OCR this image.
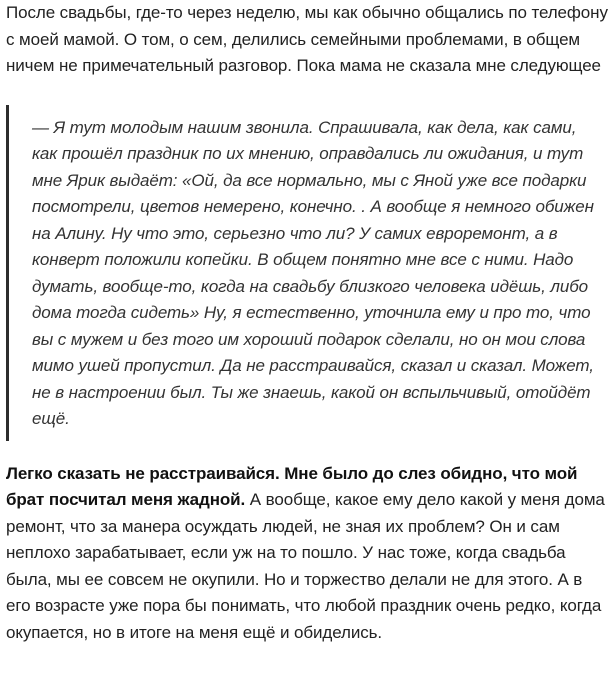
После свадьбы, где-то через неделю, мы как обычно общались по телефону с моей мамой. О том, о сем, делились семейными проблемами, в общем ничем не примечательный разговор. Пока мама не сказала мне следующее

— Я тут молодым нашим звонила. Спрашивала, как дела, как сами, как прошёл праздник по их мнению, оправдались ли ожидания, и тут мне Ярик выдаёт: «Ой, да все нормально, мы с Яной уже все подарки посмотрели, цветов немерено, конечно. . А вообще я немного обижен на Алину. Ну что это, серьезно что ли? У самих евроремонт, а в конверт положили копейки. В общем понятно мне все с ними. Надо думать, вообще-то, когда на свадьбу близкого человека идёшь, либо дома тогда сидеть» Ну, я естественно, уточнила ему и про то, что вы с мужем и без того им хороший подарок сделали, но он мои слова мимо ушей пропустил. Да не расстраивайся, сказал и сказал. Может, не в настроении был. Ты же знаешь, какой он вспыльчивый, отойдёт ещё.

Легко сказать не расстраивайся. Мне было до слез обидно, что мой брат посчитал меня жадной. А вообще, какое ему дело какой у меня дома ремонт, что за манера осуждать людей, не зная их проблем? Он и сам неплохо зарабатывает, если уж на то пошло. У нас тоже, когда свадьба была, мы ее совсем не окупили. Но и торжество делали не для этого. А в его возрасте уже пора бы понимать, что любой праздник очень редко, когда окупается, но в итоге на меня ещё и обиделись.
